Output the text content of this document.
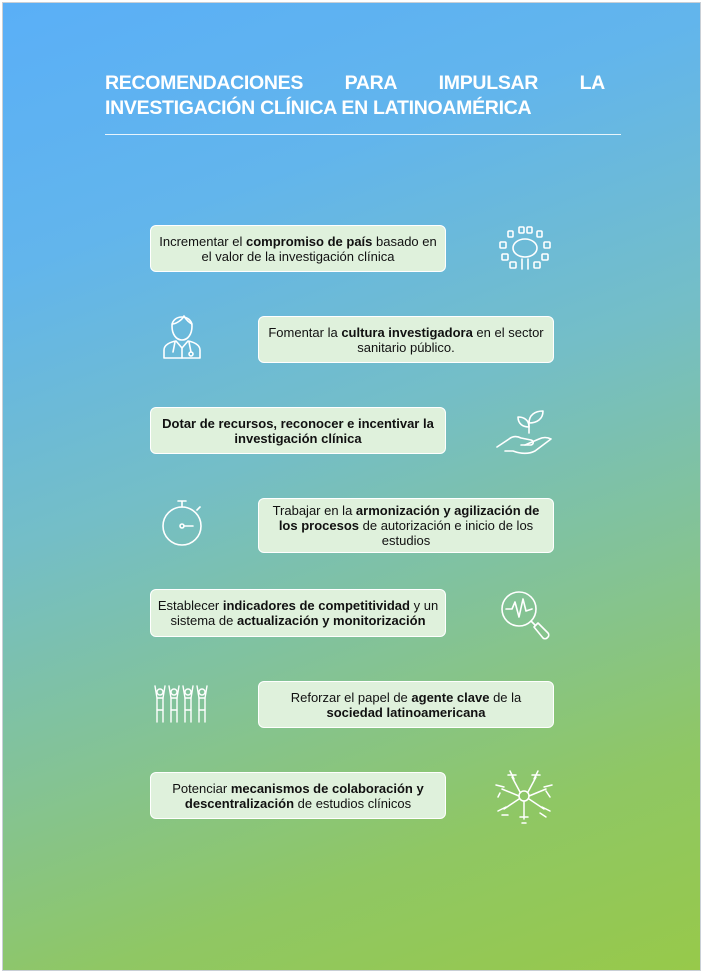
RECOMENDACIONES PARA IMPULSAR LA
INVESTIGACIÓN CLÍNICA EN LATINOAMÉRICA
Incrementar el compromiso de país basado en el valor de la investigación clínica
Fomentar la cultura investigadora en el sector sanitario público.
Dotar de recursos, reconocer e incentivar la investigación clínica
Trabajar en la armonización y agilización de los procesos de autorización e inicio de los estudios
Establecer indicadores de competitividad y un sistema de actualización y monitorización
Reforzar el papel de agente clave de la sociedad latinoamericana
Potenciar mecanismos de colaboración y descentralización de estudios clínicos
